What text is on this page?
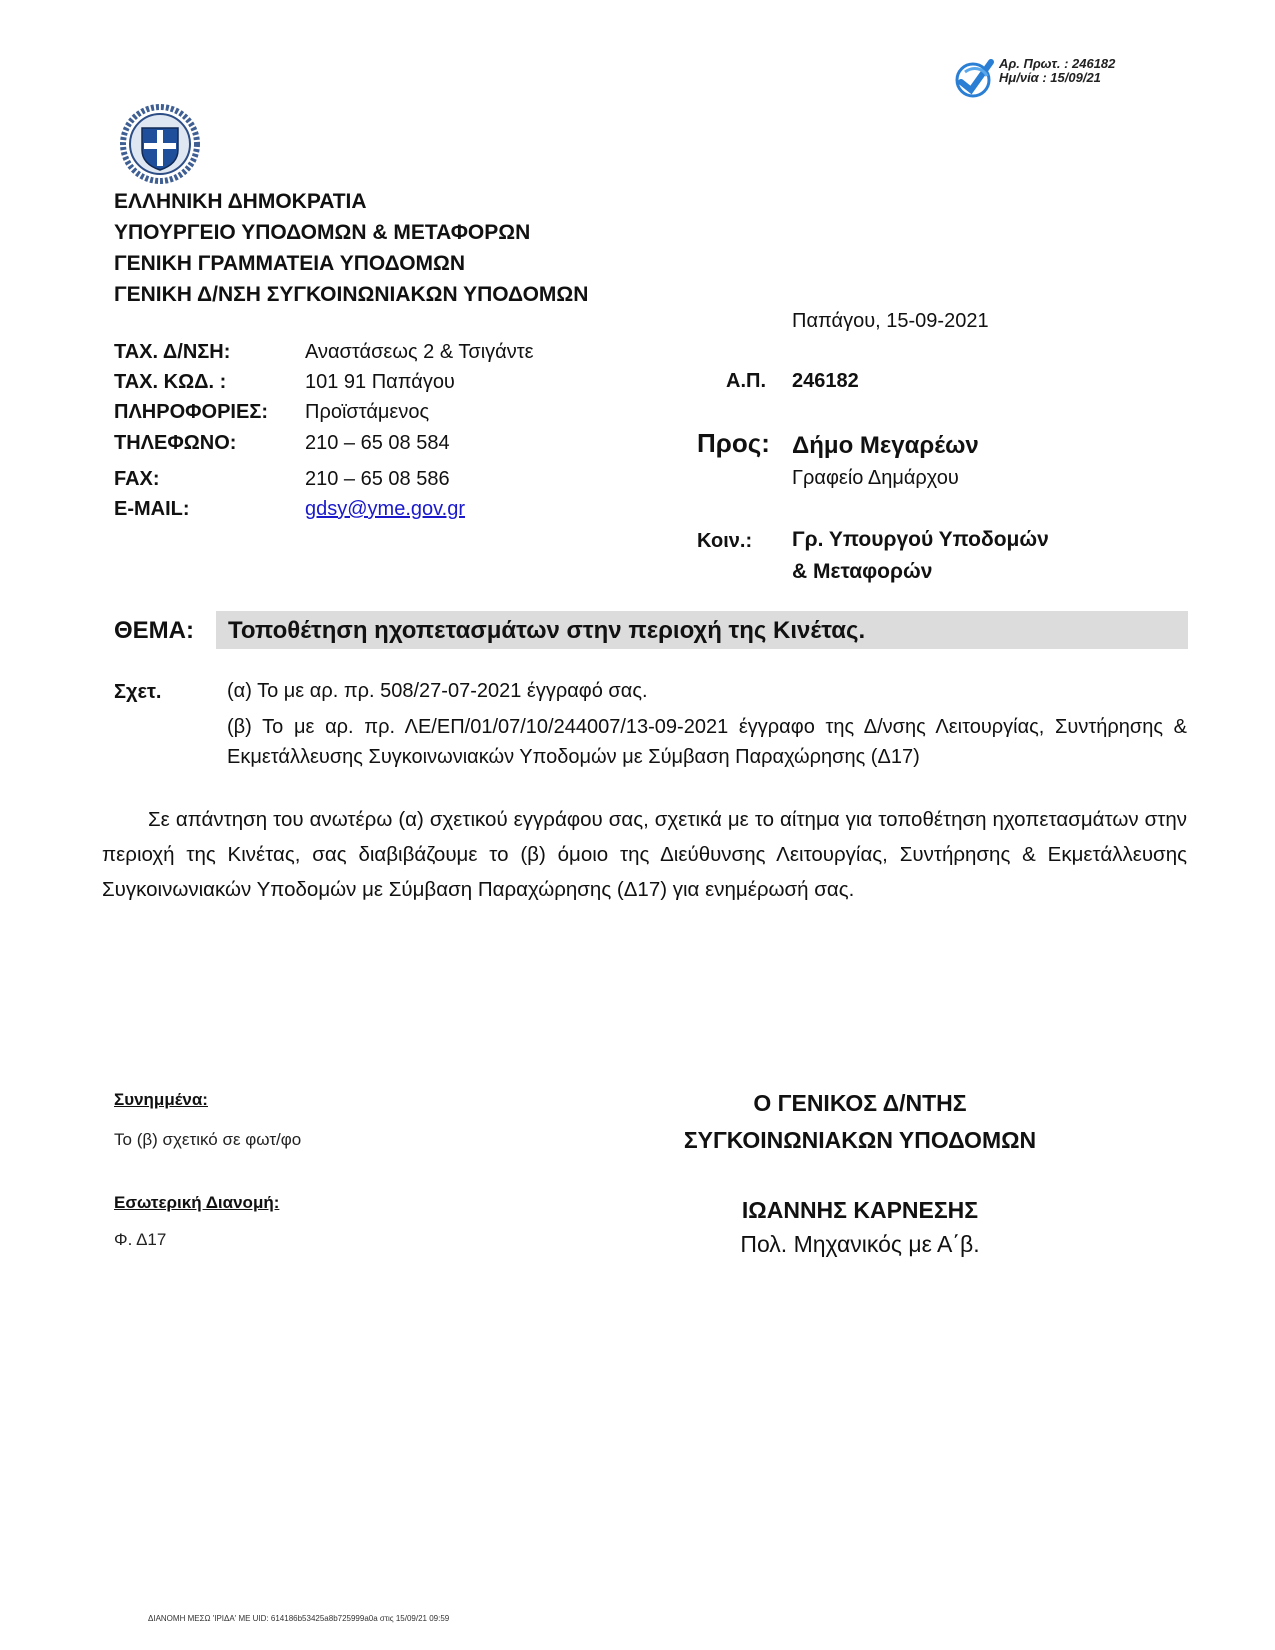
Αρ. Πρωτ. : 246182
Ημ/νία : 15/09/21
ΕΛΛΗΝΙΚΗ ΔΗΜΟΚΡΑΤΙΑ
ΥΠΟΥΡΓΕΙΟ ΥΠΟΔΟΜΩΝ & ΜΕΤΑΦΟΡΩΝ
ΓΕΝΙΚΗ ΓΡΑΜΜΑΤΕΙΑ ΥΠΟΔΟΜΩΝ
ΓΕΝΙΚΗ Δ/ΝΣΗ ΣΥΓΚΟΙΝΩΝΙΑΚΩΝ ΥΠΟΔΟΜΩΝ
ΤΑΧ. Δ/ΝΣΗ:	Αναστάσεως 2 & Τσιγάντε
ΤΑΧ. ΚΩΔ. :	101 91 Παπάγου
ΠΛΗΡΟΦΟΡΙΕΣ: Προϊστάμενος
ΤΗΛΕΦΩΝΟ:	210 – 65 08 584
FAX:	210 – 65 08 586
E-MAIL:	gdsy@yme.gov.gr
Παπάγου, 15-09-2021
Α.Π. 246182
Προς: Δήμο Μεγαρέων
Γραφείο Δημάρχου
Κοιν.: Γρ. Υπουργού Υποδομών
& Μεταφορών
ΘΕΜΑ: Τοποθέτηση ηχοπετασμάτων στην περιοχή της Κινέτας.
Σχετ.	(α) Το με αρ. πρ. 508/27-07-2021 έγγραφό σας.
(β) Το με αρ. πρ. ΛΕ/ΕΠ/01/07/10/244007/13-09-2021 έγγραφο της Δ/νσης Λειτουργίας, Συντήρησης & Εκμετάλλευσης Συγκοινωνιακών Υποδομών με Σύμβαση Παραχώρησης (Δ17)
Σε απάντηση του ανωτέρω (α) σχετικού εγγράφου σας, σχετικά με το αίτημα για τοποθέτηση ηχοπετασμάτων στην περιοχή της Κινέτας, σας διαβιβάζουμε το (β) όμοιο της Διεύθυνσης Λειτουργίας, Συντήρησης & Εκμετάλλευσης Συγκοινωνιακών Υποδομών με Σύμβαση Παραχώρησης (Δ17) για ενημέρωσή σας.
Συνημμένα:
Το (β) σχετικό σε φωτ/φο
Εσωτερική Διανομή:
Φ. Δ17
Ο ΓΕΝΙΚΟΣ Δ/ΝΤΗΣ
ΣΥΓΚΟΙΝΩΝΙΑΚΩΝ ΥΠΟΔΟΜΩΝ
ΙΩΑΝΝΗΣ ΚΑΡΝΕΣΗΣ
Πολ. Μηχανικός με Α΄β.
ΔΙΑΝΟΜΗ ΜΕΣΩ 'ΙΡΙΔΑ' ΜΕ UID: 614186b53425a8b725999a0a στις 15/09/21 09:59
